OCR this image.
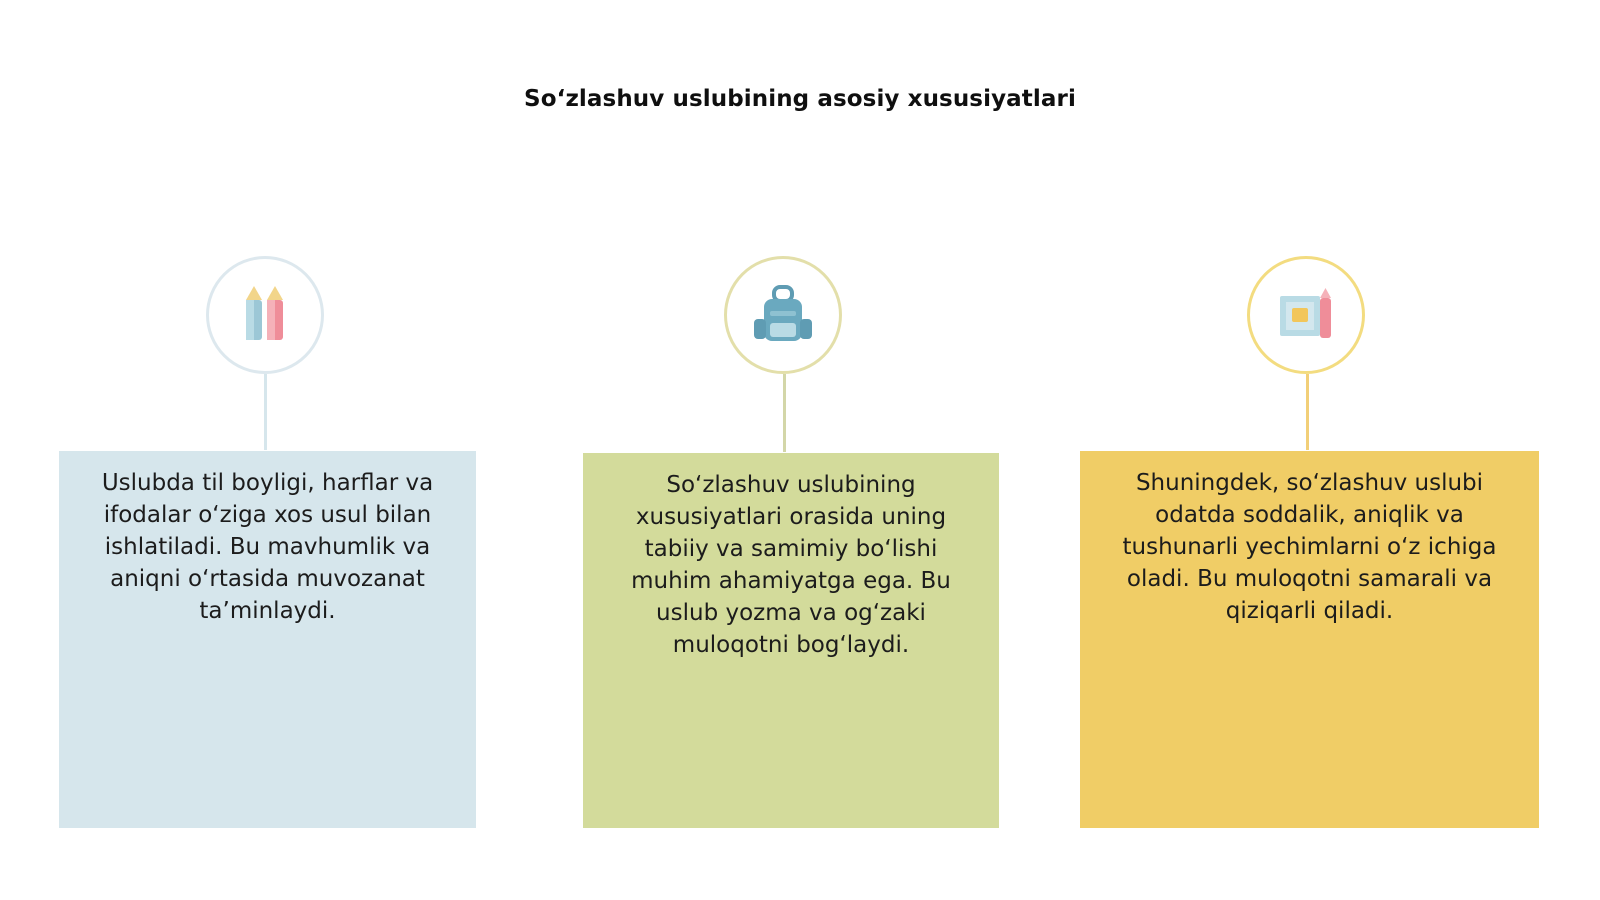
So‘zlashuv uslubining asosiy xususiyatlari
Uslubda til boyligi, harflar va ifodalar o‘ziga xos usul bilan ishlatiladi. Bu mavhumlik va aniqni o‘rtasida muvozanat ta’minlaydi.
So‘zlashuv uslubining xususiyatlari orasida uning tabiiy va samimiy bo‘lishi muhim ahamiyatga ega. Bu uslub yozma va og‘zaki muloqotni bog‘laydi.
Shuningdek, so‘zlashuv uslubi odatda soddalik, aniqlik va tushunarli yechimlarni o‘z ichiga oladi. Bu muloqotni samarali va qiziqarli qiladi.
